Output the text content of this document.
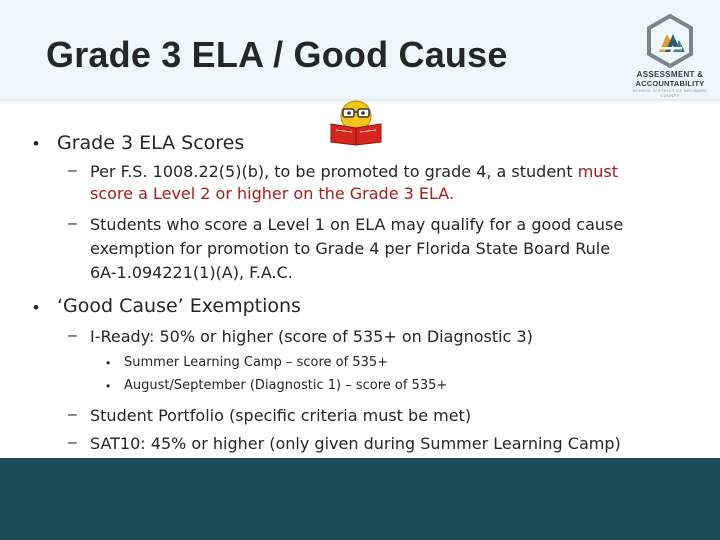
Grade 3 ELA / Good Cause	ASSESSMENT &
ACCOUNTABILITY
SCHOOL DISTRICT OF BROWARD COUNTY
• Grade 3 ELA Scores
– Per F.S. 1008.22(5)(b), to be promoted to grade 4, a student must
score a Level 2 or higher on the Grade 3 ELA.
– Students who score a Level 1 on ELA may qualify for a good cause
exemption for promotion to Grade 4 per Florida State Board Rule
6A-1.094221(1)(A), F.A.C.
• ‘Good Cause’ Exemptions
– I-Ready: 50% or higher (score of 535+ on Diagnostic 3)
• Summer Learning Camp – score of 535+
• August/September (Diagnostic 1) – score of 535+
– Student Portfolio (specific criteria must be met)
– SAT10: 45% or higher (only given during Summer Learning Camp)
